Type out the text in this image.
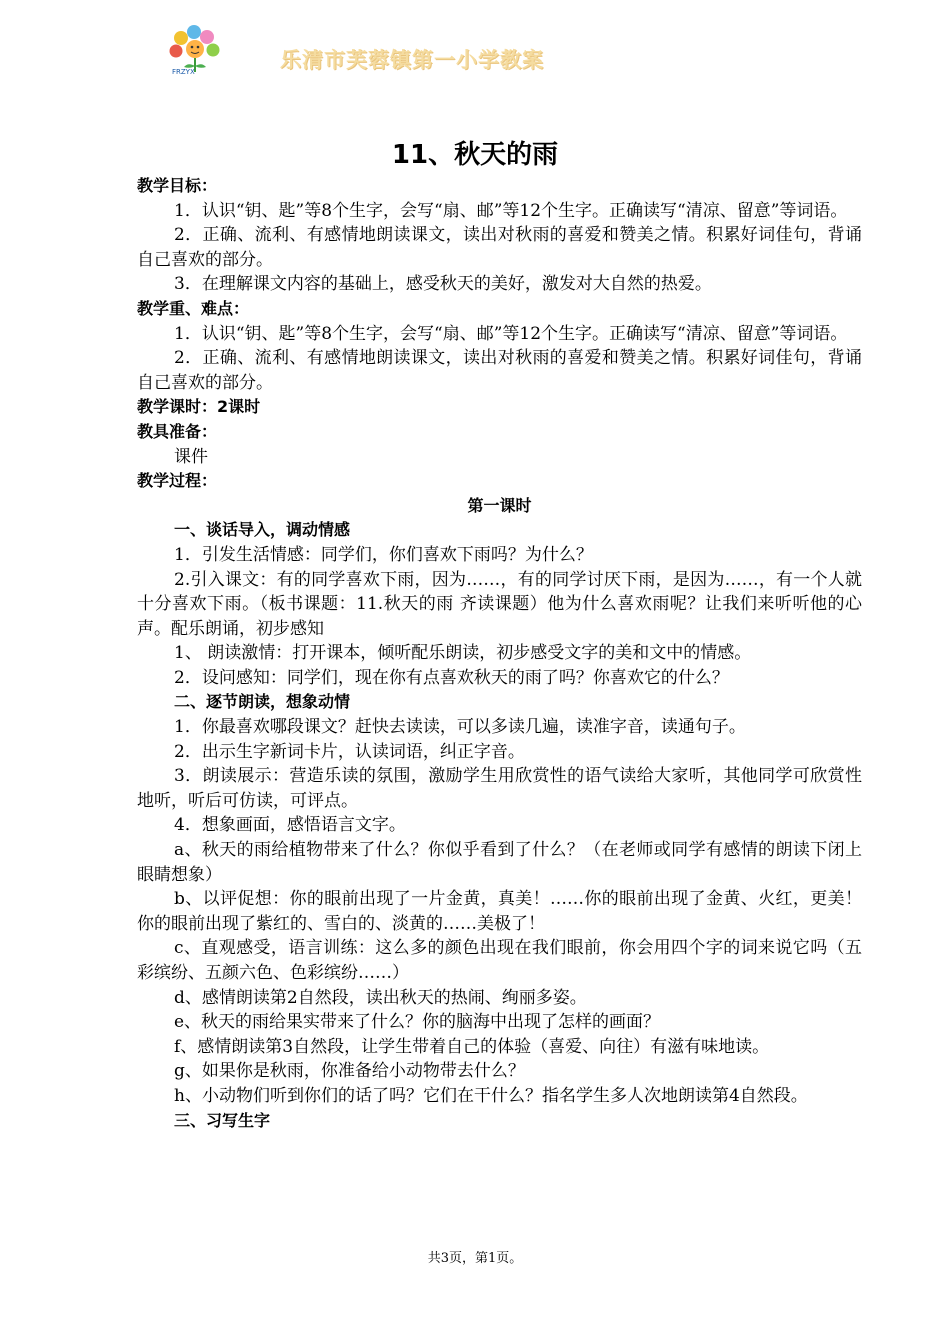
FRZYX	乐清市芙蓉镇第一小学教案
11、秋天的雨
教学目标：
1．认识“钥、匙”等8个生字，会写“扇、邮”等12个生字。正确读写“清凉、留意”等词语。
2．正确、流利、有感情地朗读课文，读出对秋雨的喜爱和赞美之情。积累好词佳句，背诵自己喜欢的部分。
3．在理解课文内容的基础上，感受秋天的美好，激发对大自然的热爱。
教学重、难点：
1．认识“钥、匙”等8个生字，会写“扇、邮”等12个生字。正确读写“清凉、留意”等词语。
2．正确、流利、有感情地朗读课文，读出对秋雨的喜爱和赞美之情。积累好词佳句，背诵自己喜欢的部分。
教学课时：2课时
教具准备：
课件
教学过程：
第一课时
一、谈话导入，调动情感
1．引发生活情感：同学们，你们喜欢下雨吗？为什么？
2.引入课文：有的同学喜欢下雨，因为……，有的同学讨厌下雨，是因为……，有一个人就十分喜欢下雨。（板书课题：11.秋天的雨 齐读课题）他为什么喜欢雨呢？让我们来听听他的心声。配乐朗诵，初步感知
1、 朗读激情：打开课本，倾听配乐朗读，初步感受文字的美和文中的情感。
2．设问感知：同学们，现在你有点喜欢秋天的雨了吗？你喜欢它的什么？
二、逐节朗读，想象动情
1．你最喜欢哪段课文？赶快去读读，可以多读几遍，读准字音，读通句子。
2．出示生字新词卡片，认读词语，纠正字音。
3．朗读展示：营造乐读的氛围，激励学生用欣赏性的语气读给大家听，其他同学可欣赏性地听，听后可仿读，可评点。
4．想象画面，感悟语言文字。
a、秋天的雨给植物带来了什么？你似乎看到了什么？（在老师或同学有感情的朗读下闭上眼睛想象）
b、以评促想：你的眼前出现了一片金黄，真美！……你的眼前出现了金黄、火红，更美！你的眼前出现了紫红的、雪白的、淡黄的……美极了！
c、直观感受，语言训练：这么多的颜色出现在我们眼前，你会用四个字的词来说它吗（五彩缤纷、五颜六色、色彩缤纷……）
d、感情朗读第2自然段，读出秋天的热闹、绚丽多姿。
e、秋天的雨给果实带来了什么？你的脑海中出现了怎样的画面？
f、感情朗读第3自然段，让学生带着自己的体验（喜爱、向往）有滋有味地读。
g、如果你是秋雨，你准备给小动物带去什么？
h、小动物们听到你们的话了吗？它们在干什么？指名学生多人次地朗读第4自然段。
三、习写生字
共3页，第1页。
